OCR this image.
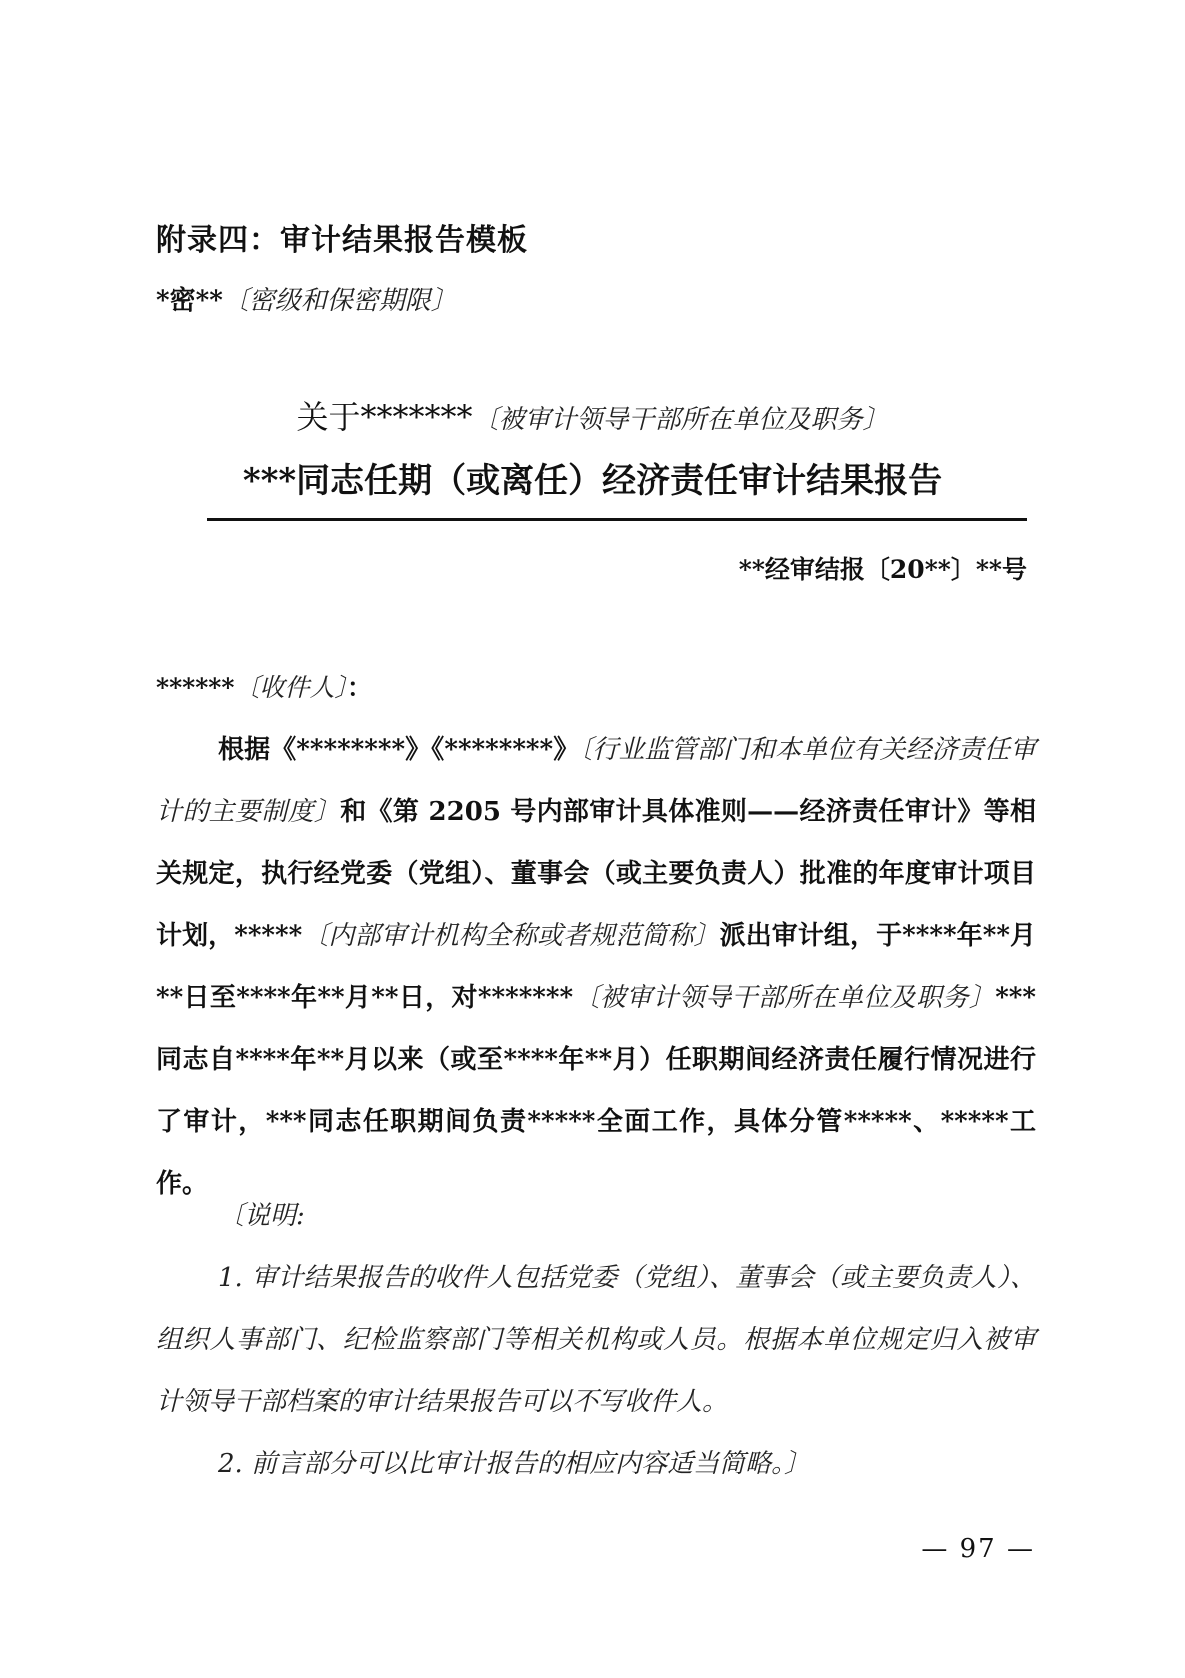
附录四：审计结果报告模板
*密**〔密级和保密期限〕
关于*******〔被审计领导干部所在单位及职务〕
***同志任期（或离任）经济责任审计结果报告
**经审结报〔20**〕**号
******〔收件人〕：
根据《********》《********》〔行业监管部门和本单位有关经济责任审计的主要制度〕和《第 2205 号内部审计具体准则——经济责任审计》等相关规定，执行经党委（党组）、董事会（或主要负责人）批准的年度审计项目计划，*****〔内部审计机构全称或者规范简称〕派出审计组，于****年**月**日至****年**月**日，对*******〔被审计领导干部所在单位及职务〕***同志自****年**月以来（或至****年**月）任职期间经济责任履行情况进行了审计，***同志任职期间负责*****全面工作，具体分管*****、*****工作。
〔说明:
1. 审计结果报告的收件人包括党委（党组）、董事会（或主要负责人）、组织人事部门、纪检监察部门等相关机构或人员。根据本单位规定归入被审计领导干部档案的审计结果报告可以不写收件人。
2. 前言部分可以比审计报告的相应内容适当简略。〕
— 97 —
